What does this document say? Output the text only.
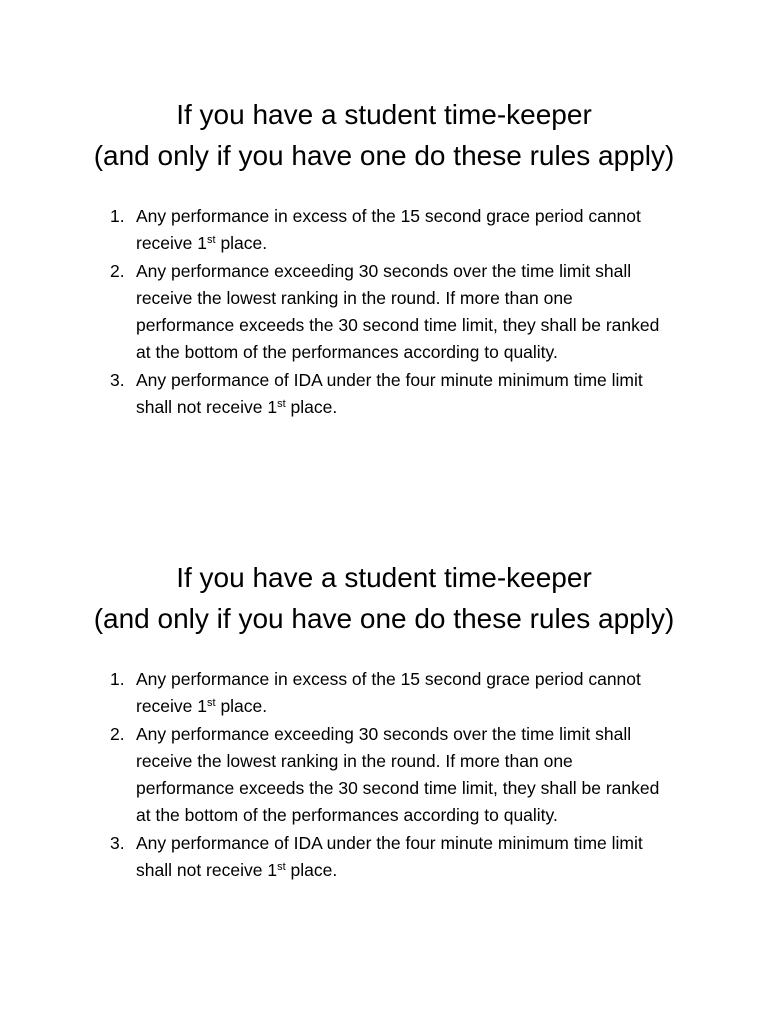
If you have a student time-keeper
(and only if you have one do these rules apply)
1. Any performance in excess of the 15 second grace period cannot receive 1st place.
2. Any performance exceeding 30 seconds over the time limit shall receive the lowest ranking in the round. If more than one performance exceeds the 30 second time limit, they shall be ranked at the bottom of the performances according to quality.
3. Any performance of IDA under the four minute minimum time limit shall not receive 1st place.
If you have a student time-keeper
(and only if you have one do these rules apply)
1. Any performance in excess of the 15 second grace period cannot receive 1st place.
2. Any performance exceeding 30 seconds over the time limit shall receive the lowest ranking in the round. If more than one performance exceeds the 30 second time limit, they shall be ranked at the bottom of the performances according to quality.
3. Any performance of IDA under the four minute minimum time limit shall not receive 1st place.
